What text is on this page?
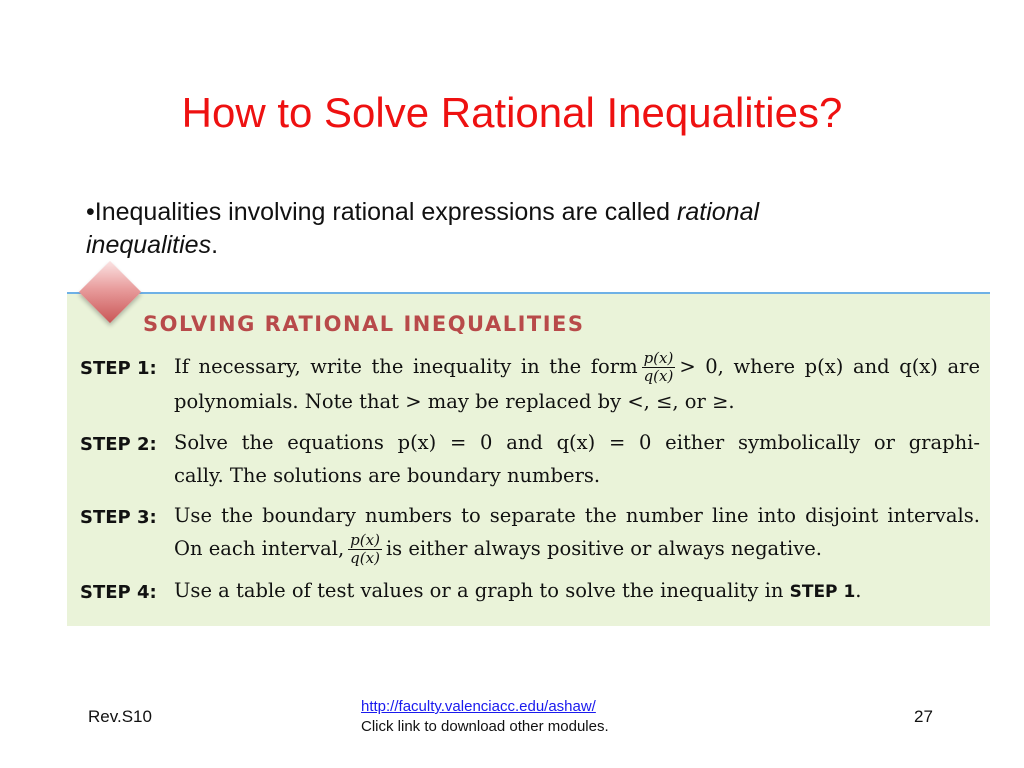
How to Solve Rational Inequalities?
•Inequalities involving rational expressions are called rational inequalities.
SOLVING RATIONAL INEQUALITIES
STEP 1: If necessary, write the inequality in the form $\frac{p(x)}{q(x)} > 0$, where p(x) and q(x) are
polynomials. Note that > may be replaced by <, ≤, or ≥.
STEP 2: Solve the equations p(x) = 0 and q(x) = 0 either symbolically or graphi-
cally. The solutions are boundary numbers.
STEP 3: Use the boundary numbers to separate the number line into disjoint intervals.
On each interval, $\frac{p(x)}{q(x)}$ is either always positive or always negative.
STEP 4: Use a table of test values or a graph to solve the inequality in STEP 1.
Rev.S10
http://faculty.valenciacc.edu/ashaw/
Click link to download other modules.
27
